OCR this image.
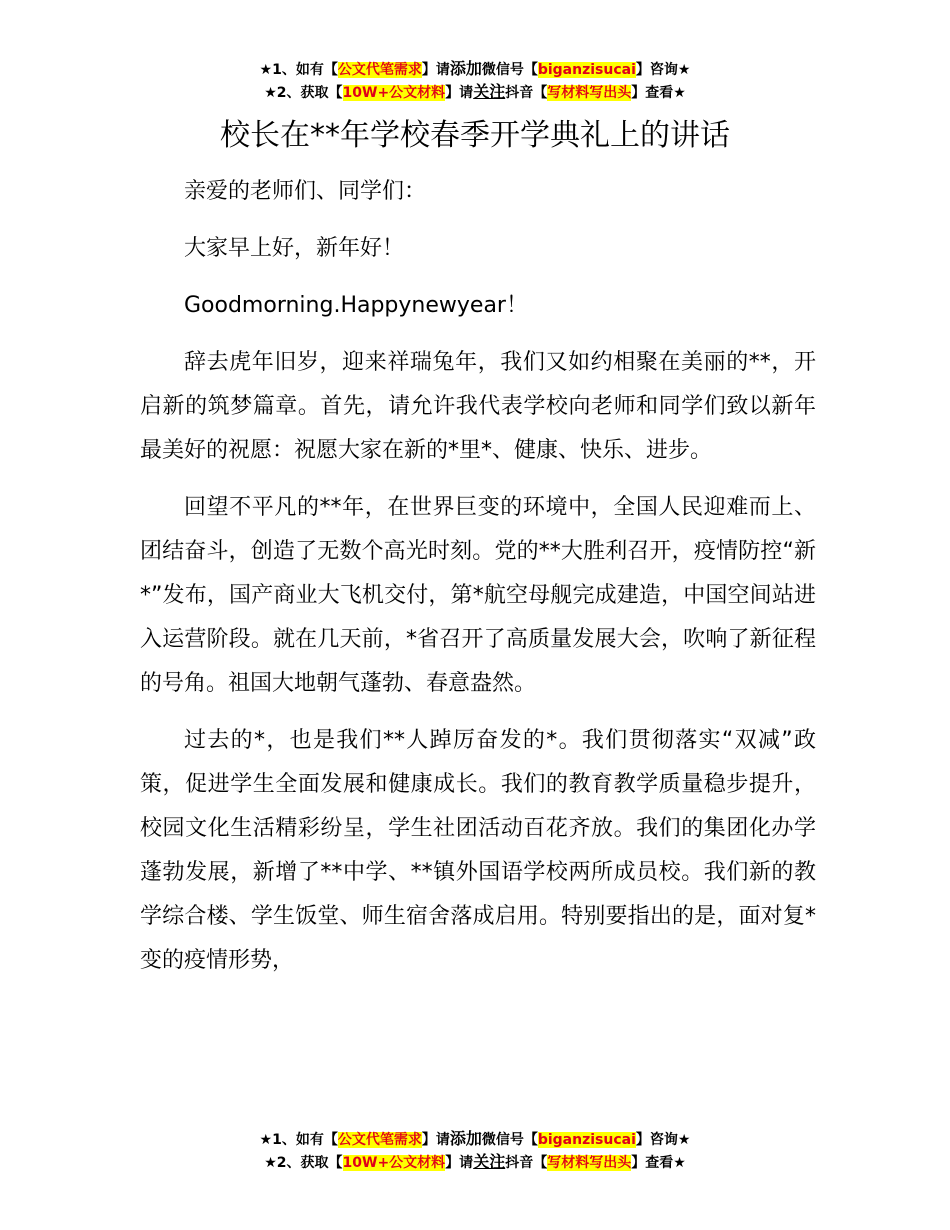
★1、如有【公文代笔需求】请添加微信号【biganzisucai】咨询★
★2、获取【10W+公文材料】请关注抖音【写材料写出头】查看★
校长在**年学校春季开学典礼上的讲话

亲爱的老师们、同学们：

大家早上好，新年好！

Goodmorning.Happynewyear！

辞去虎年旧岁，迎来祥瑞兔年，我们又如约相聚在美丽的**，开启新的筑梦篇章。首先，请允许我代表学校向老师和同学们致以新年最美好的祝愿：祝愿大家在新的*里*、健康、快乐、进步。

回望不平凡的**年，在世界巨变的环境中，全国人民迎难而上、团结奋斗，创造了无数个高光时刻。党的**大胜利召开，疫情防控“新*”发布，国产商业大飞机交付，第*航空母舰完成建造，中国空间站进入运营阶段。就在几天前，*省召开了高质量发展大会，吹响了新征程的号角。祖国大地朝气蓬勃、春意盎然。

过去的*，也是我们**人踔厉奋发的*。我们贯彻落实“双减”政策，促进学生全面发展和健康成长。我们的教育教学质量稳步提升，校园文化生活精彩纷呈，学生社团活动百花齐放。我们的集团化办学蓬勃发展，新增了**中学、**镇外国语学校两所成员校。我们新的教学综合楼、学生饭堂、师生宿舍落成启用。特别要指出的是，面对复*变的疫情形势，

★1、如有【公文代笔需求】请添加微信号【biganzisucai】咨询★
★2、获取【10W+公文材料】请关注抖音【写材料写出头】查看★
